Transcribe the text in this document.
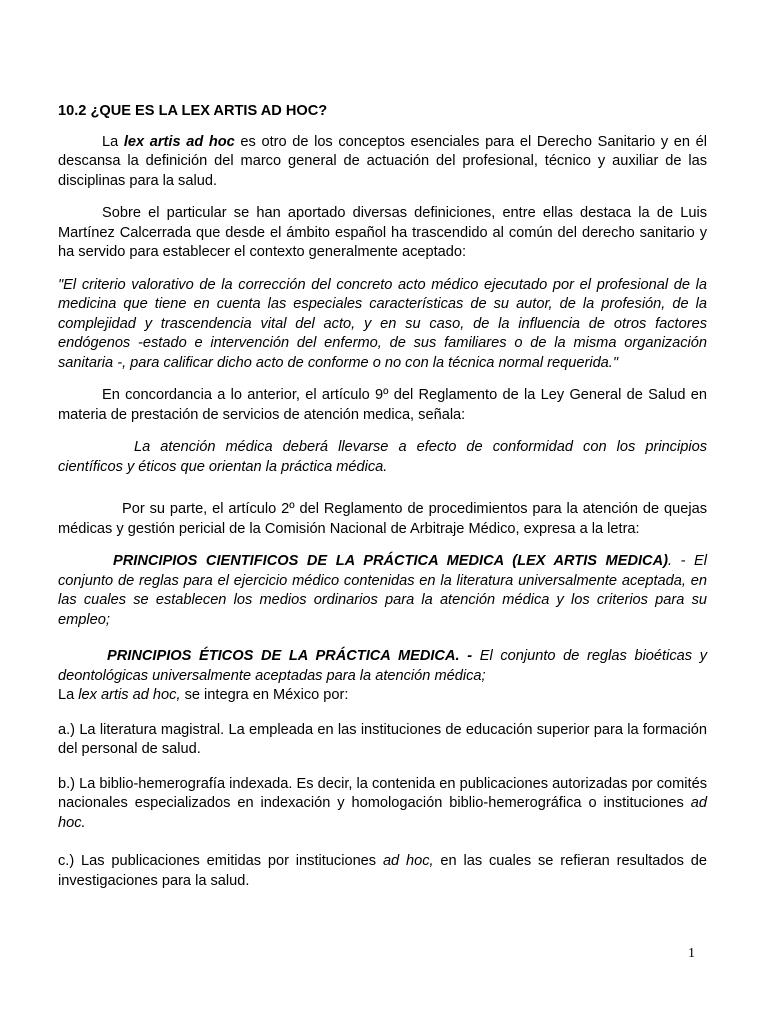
10.2 ¿QUE ES LA LEX ARTIS AD HOC?

La lex artis ad hoc es otro de los conceptos esenciales para el Derecho Sanitario y en él descansa la definición del marco general de actuación del profesional, técnico y auxiliar de las disciplinas para la salud.

Sobre el particular se han aportado diversas definiciones, entre ellas destaca la de Luis Martínez Calcerrada que desde el ámbito español ha trascendido al común del derecho sanitario y ha servido para establecer el contexto generalmente aceptado:

"El criterio valorativo de la corrección del concreto acto médico ejecutado por el profesional de la medicina que tiene en cuenta las especiales características de su autor, de la profesión, de la complejidad y trascendencia vital del acto, y en su caso, de la influencia de otros factores endógenos -estado e intervención del enfermo, de sus familiares o de la misma organización sanitaria -, para calificar dicho acto de conforme o no con la técnica normal requerida."

En concordancia a lo anterior, el artículo 9º del Reglamento de la Ley General de Salud en materia de prestación de servicios de atención medica, señala:

La atención médica deberá llevarse a efecto de conformidad con los principios científicos y éticos que orientan la práctica médica.

Por su parte, el artículo 2º del Reglamento de procedimientos para la atención de quejas médicas y gestión pericial de la Comisión Nacional de Arbitraje Médico, expresa a la letra:

PRINCIPIOS CIENTIFICOS DE LA PRÁCTICA MEDICA (LEX ARTIS MEDICA). - El conjunto de reglas para el ejercicio médico contenidas en la literatura universalmente aceptada, en las cuales se establecen los medios ordinarios para la atención médica y los criterios para su empleo;

PRINCIPIOS ÉTICOS DE LA PRÁCTICA MEDICA. - El conjunto de reglas bioéticas y deontológicas universalmente aceptadas para la atención médica;

La lex artis ad hoc, se integra en México por:

a.) La literatura magistral. La empleada en las instituciones de educación superior para la formación del personal de salud.

b.) La biblio-hemerografía indexada. Es decir, la contenida en publicaciones autorizadas por comités nacionales especializados en indexación y homologación biblio-hemerográfica o instituciones ad hoc.

c.) Las publicaciones emitidas por instituciones ad hoc, en las cuales se refieran resultados de investigaciones para la salud.

1
